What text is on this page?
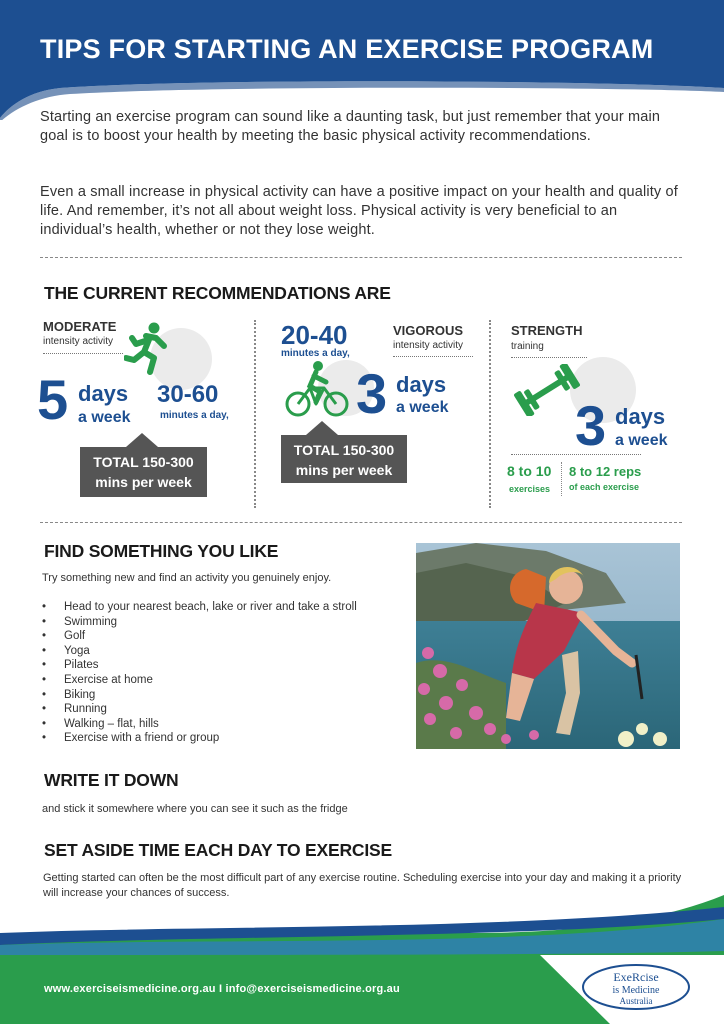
TIPS FOR STARTING AN EXERCISE PROGRAM

Starting an exercise program can sound like a daunting task, but just remember that your main goal is to boost your health by meeting the basic physical activity recommendations.

Even a small increase in physical activity can have a positive impact on your health and quality of life. And remember, it’s not all about weight loss. Physical activity is very beneficial to an individual’s health, whether or not they lose weight.

THE CURRENT RECOMMENDATIONS ARE
MODERATE
intensity activity
5 days
a week
30-60
minutes a day,
TOTAL 150-300
mins per week
20-40
minutes a day,
VIGOROUS
intensity activity
3 days
a week
TOTAL 150-300
mins per week
STRENGTH
training
3 days
a week
8 to 10
exercises
8 to 12 reps
of each exercise
FIND SOMETHING YOU LIKE
Try something new and find an activity you genuinely enjoy.
• Head to your nearest beach, lake or river and take a stroll
• Swimming
• Golf
• Yoga
• Pilates
• Exercise at home
• Biking
• Running
• Walking – flat, hills
• Exercise with a friend or group
WRITE IT DOWN
and stick it somewhere where you can see it such as the fridge
SET ASIDE TIME EACH DAY TO EXERCISE

Getting started can often be the most difficult part of any exercise routine. Scheduling exercise into your day and making it a priority will increase your chances of success.

www.exerciseismedicine.org.au I info@exerciseismedicine.org.au
ExeRcise
is Medicine
Australia
